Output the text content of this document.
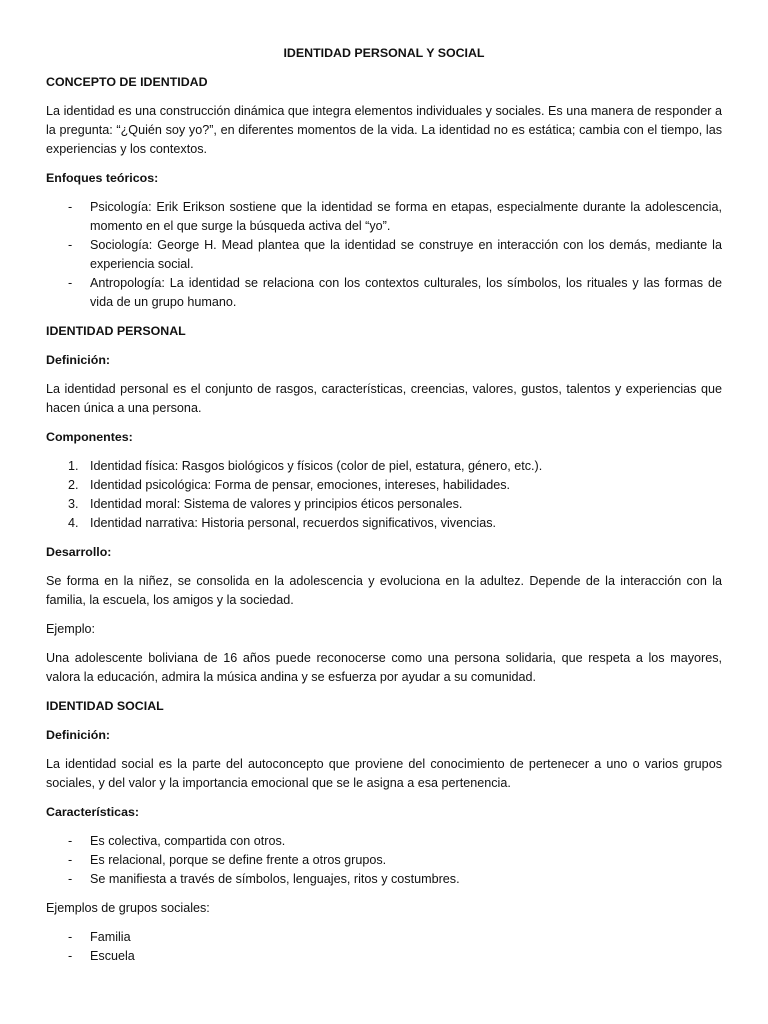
IDENTIDAD PERSONAL Y SOCIAL
CONCEPTO DE IDENTIDAD
La identidad es una construcción dinámica que integra elementos individuales y sociales. Es una manera de responder a la pregunta: “¿Quién soy yo?”, en diferentes momentos de la vida. La identidad no es estática; cambia con el tiempo, las experiencias y los contextos.
Enfoques teóricos:
- Psicología: Erik Erikson sostiene que la identidad se forma en etapas, especialmente durante la adolescencia, momento en el que surge la búsqueda activa del “yo”.
- Sociología: George H. Mead plantea que la identidad se construye en interacción con los demás, mediante la experiencia social.
- Antropología: La identidad se relaciona con los contextos culturales, los símbolos, los rituales y las formas de vida de un grupo humano.
IDENTIDAD PERSONAL
Definición:
La identidad personal es el conjunto de rasgos, características, creencias, valores, gustos, talentos y experiencias que hacen única a una persona.
Componentes:
1. Identidad física: Rasgos biológicos y físicos (color de piel, estatura, género, etc.).
2. Identidad psicológica: Forma de pensar, emociones, intereses, habilidades.
3. Identidad moral: Sistema de valores y principios éticos personales.
4. Identidad narrativa: Historia personal, recuerdos significativos, vivencias.
Desarrollo:
Se forma en la niñez, se consolida en la adolescencia y evoluciona en la adultez. Depende de la interacción con la familia, la escuela, los amigos y la sociedad.
Ejemplo:
Una adolescente boliviana de 16 años puede reconocerse como una persona solidaria, que respeta a los mayores, valora la educación, admira la música andina y se esfuerza por ayudar a su comunidad.
IDENTIDAD SOCIAL
Definición:
La identidad social es la parte del autoconcepto que proviene del conocimiento de pertenecer a uno o varios grupos sociales, y del valor y la importancia emocional que se le asigna a esa pertenencia.
Características:
- Es colectiva, compartida con otros.
- Es relacional, porque se define frente a otros grupos.
- Se manifiesta a través de símbolos, lenguajes, ritos y costumbres.
Ejemplos de grupos sociales:
- Familia
- Escuela
